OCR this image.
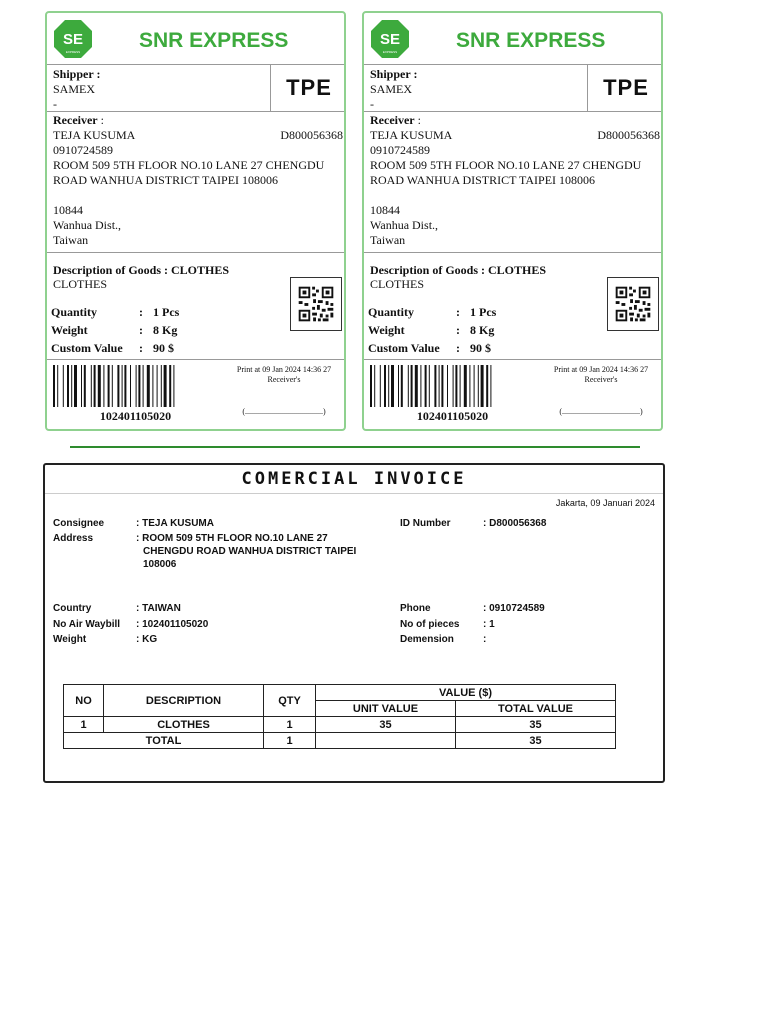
SE
EXPRESS	SNR EXPRESS
Shipper :
SAMEX
-
TPE
Receiver :
TEJA KUSUMA	D800056368
0910724589
ROOM 509 5TH FLOOR NO.10 LANE 27 CHENGDU
ROAD WANHUA DISTRICT TAIPEI 108006
10844
Wanhua Dist.,
Taiwan
Description of Goods : CLOTHES
CLOTHES
Quantity	: 1 Pcs
Weight	: 8 Kg
Custom Value : 90 $
102401105020
Print at 09 Jan 2024 14:36 27
Receiver's
(.......................................)
SE
EXPRESS	SNR EXPRESS
Shipper :
SAMEX
-
TPE
Receiver :
TEJA KUSUMA	D800056368
0910724589
ROOM 509 5TH FLOOR NO.10 LANE 27 CHENGDU
ROAD WANHUA DISTRICT TAIPEI 108006
10844
Wanhua Dist.,
Taiwan
Description of Goods : CLOTHES
CLOTHES
Quantity	: 1 Pcs
Weight	: 8 Kg
Custom Value : 90 $
102401105020
Print at 09 Jan 2024 14:36 27
Receiver's
(.......................................)
COMERCIAL INVOICE
Jakarta, 09 Januari 2024
Consignee	: TEJA KUSUMA
Address	: ROOM 509 5TH FLOOR NO.10 LANE 27
CHENGDU ROAD WANHUA DISTRICT TAIPEI
108006
ID Number	: D800056368
Country	: TAIWAN
No Air Waybill : 102401105020
Weight	: KG
Phone	: 0910724589
No of pieces : 1
Demension	:
NO	DESCRIPTION	QTY	VALUE ($)	
			UNIT VALUE	TOTAL VALUE
1	CLOTHES	1	35	35
TOTAL		1		35
